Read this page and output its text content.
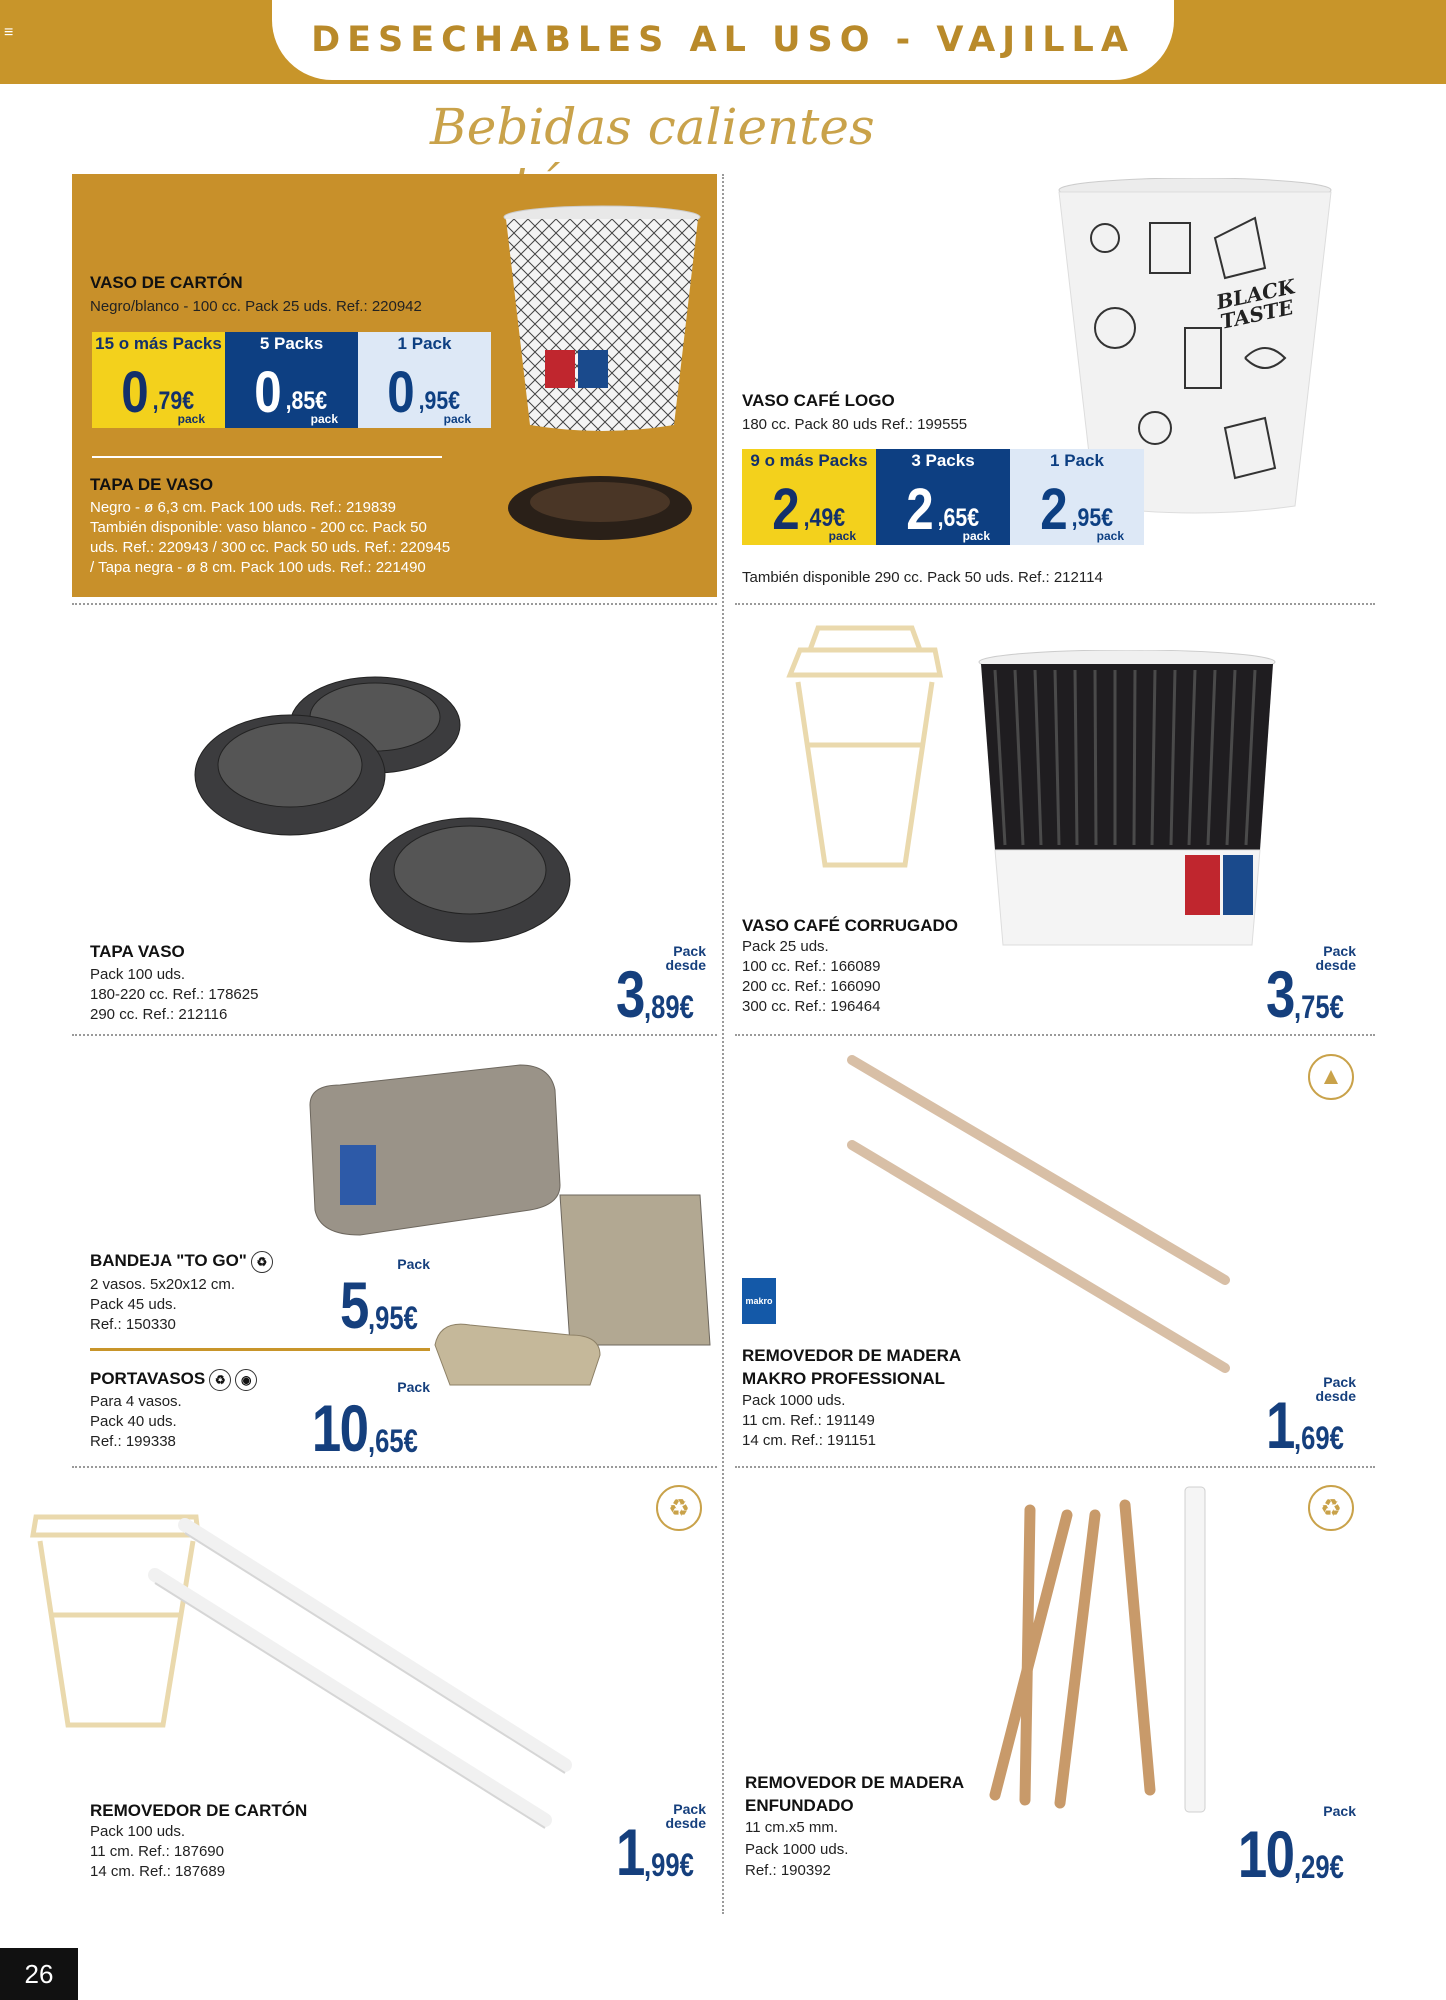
≡	DESECHABLES AL USO - VAJILLA
Bebidas calientes
VASO DE CARTÓN
Negro/blanco - 100 cc. Pack 25 uds. Ref.: 220942
15 o más Packs
0 ,79€
pack
5 Packs
0 ,85€
pack
1 Pack
0 ,95€
pack
TAPA DE VASO
Negro - ø 6,3 cm. Pack 100 uds. Ref.: 219839
También disponible: vaso blanco - 200 cc. Pack 50
uds. Ref.: 220943 / 300 cc. Pack 50 uds. Ref.: 220945
/ Tapa negra - ø 8 cm. Pack 100 uds. Ref.: 221490
BLACK TASTE
VASO CAFÉ LOGO
180 cc. Pack 80 uds Ref.: 199555
9 o más Packs
2 ,49€
pack
3 Packs
2 ,65€
pack
1 Pack
2 ,95€
pack
También disponible 290 cc. Pack 50 uds. Ref.: 212114
TAPA VASO
Pack 100 uds.
180-220 cc. Ref.: 178625
290 cc. Ref.: 212116
Pack
desde
3 ,89€
VASO CAFÉ CORRUGADO
Pack 25 uds.
100 cc. Ref.: 166089
200 cc. Ref.: 166090
300 cc. Ref.: 196464
Pack
desde
3 ,75€
BANDEJA "TO GO" ♻
2 vasos. 5x20x12 cm.
Pack 45 uds.
Ref.: 150330
Pack
5 ,95€
PORTAVASOS ♻ ◉
Para 4 vasos.
Pack 40 uds.
Ref.: 199338
Pack
10 ,65€
▲
makro
REMOVEDOR DE MADERA
MAKRO PROFESSIONAL
Pack 1000 uds.
11 cm. Ref.: 191149
14 cm. Ref.: 191151
Pack
desde
1 ,69€
♻
REMOVEDOR DE CARTÓN
Pack 100 uds.
11 cm. Ref.: 187690
14 cm. Ref.: 187689
Pack
desde
1 ,99€
♻
REMOVEDOR DE MADERA
ENFUNDADO
11 cm.x5 mm.
Pack 1000 uds.
Ref.: 190392
Pack
10 ,29€
26
